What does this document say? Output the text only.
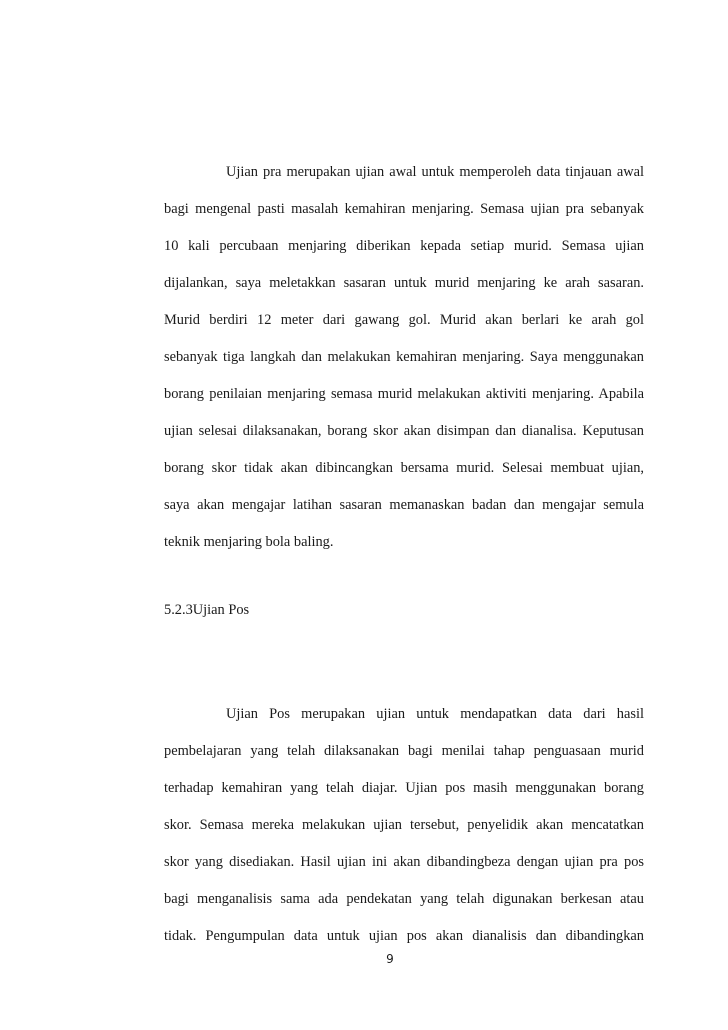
Ujian pra merupakan ujian awal untuk memperoleh data tinjauan awal
bagi mengenal pasti masalah kemahiran menjaring. Semasa ujian pra sebanyak
10 kali percubaan menjaring diberikan kepada setiap murid. Semasa ujian
dijalankan, saya meletakkan sasaran untuk murid menjaring ke arah sasaran.
Murid berdiri 12 meter dari gawang gol. Murid akan berlari ke arah gol
sebanyak tiga langkah dan melakukan kemahiran menjaring. Saya menggunakan
borang penilaian menjaring semasa murid melakukan aktiviti menjaring. Apabila
ujian selesai dilaksanakan, borang skor akan disimpan dan dianalisa. Keputusan
borang skor tidak akan dibincangkan bersama murid. Selesai membuat ujian,
saya akan mengajar latihan sasaran memanaskan badan dan mengajar semula
teknik menjaring bola baling.
5.2.3Ujian Pos
Ujian Pos merupakan ujian untuk mendapatkan data dari hasil
pembelajaran yang telah dilaksanakan bagi menilai tahap penguasaan murid
terhadap kemahiran yang telah diajar. Ujian pos masih menggunakan borang
skor. Semasa mereka melakukan ujian tersebut, penyelidik akan mencatatkan
skor yang disediakan. Hasil ujian ini akan dibandingbeza dengan ujian pra pos
bagi menganalisis sama ada pendekatan yang telah digunakan berkesan atau
tidak. Pengumpulan data untuk ujian pos akan dianalisis dan dibandingkan
9
